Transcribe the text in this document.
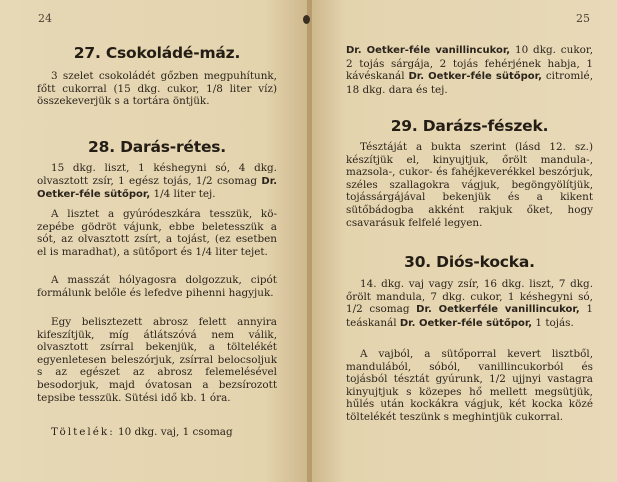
24
27. Csokoládé-máz.

3 szelet csokoládét gőzben megpuhítunk, főtt cukorral (15 dkg. cukor, 1/8 liter víz) összekeverjük s a tortára öntjük.

28. Darás-rétes.

15 dkg. liszt, 1 késhegyni só, 4 dkg. olvasztott zsír, 1 egész tojás, 1/2 csomag Dr. Oetker-féle sütőpor, 1/4 liter tej.

A lisztet a gyúródeszkára tesszük, közepébe gödröt vájunk, ebbe beletesszük a sót, az olvasztott zsírt, a tojást, (ez esetben el is maradhat), a sütőport és 1/4 liter tejet.

A masszát hólyagosra dolgozzuk, cipót formálunk belőle és lefedve pihenni hagyjuk.

Egy belisztezett abrosz felett annyira kifeszítjük, míg átlátszóvá nem válik, olvasztott zsírral bekenjük, a töltelékét egyenletesen beleszórjuk, zsírral belocsoljuk s az egészet az abrosz felemelésével besodorjuk, majd óvatosan a bezsírozott tepsibe tesszük. Sütési idő kb. 1 óra.

Töltelék: 10 dkg. vaj, 1 csomag

25

Dr. Oetker-féle vanillincukor, 10 dkg. cukor, 2 tojás sárgája, 2 tojás fehérjének habja, 1 kávéskanál Dr. Oetker-féle sütőpor, citromlé, 18 dkg. dara és tej.

29. Darázs-fészek.

Tésztáját a bukta szerint (lásd 12. sz.) készítjük el, kinyujtjuk, őrölt mandula-, mazsola-, cukor- és fahéjkeverékkel beszórjuk, széles szallagokra vágjuk, begöngyölítjük, tojássárgájával bekenjük és a kikent sütőbádogba akként rakjuk őket, hogy csavarásuk felfelé legyen.

30. Diós-kocka.

14. dkg. vaj vagy zsír, 16 dkg. liszt, 7 dkg. őrölt mandula, 7 dkg. cukor, 1 késhegyni só, 1/2 csomag Dr. Oetkerféle vanillincukor, 1 teáskanál Dr. Oetker-féle sütőpor, 1 tojás.

A vajból, a sütőporral kevert lisztből, mandulából, sóból, vanillincukorból és tojásból tésztát gyúrunk, 1/2 ujjnyi vastagra kinyujtjuk s közepes hő mellett megsütjük, hűlés után kockákra vágjuk, két kocka közé töltelékét teszünk s meghintjük cukorral.
